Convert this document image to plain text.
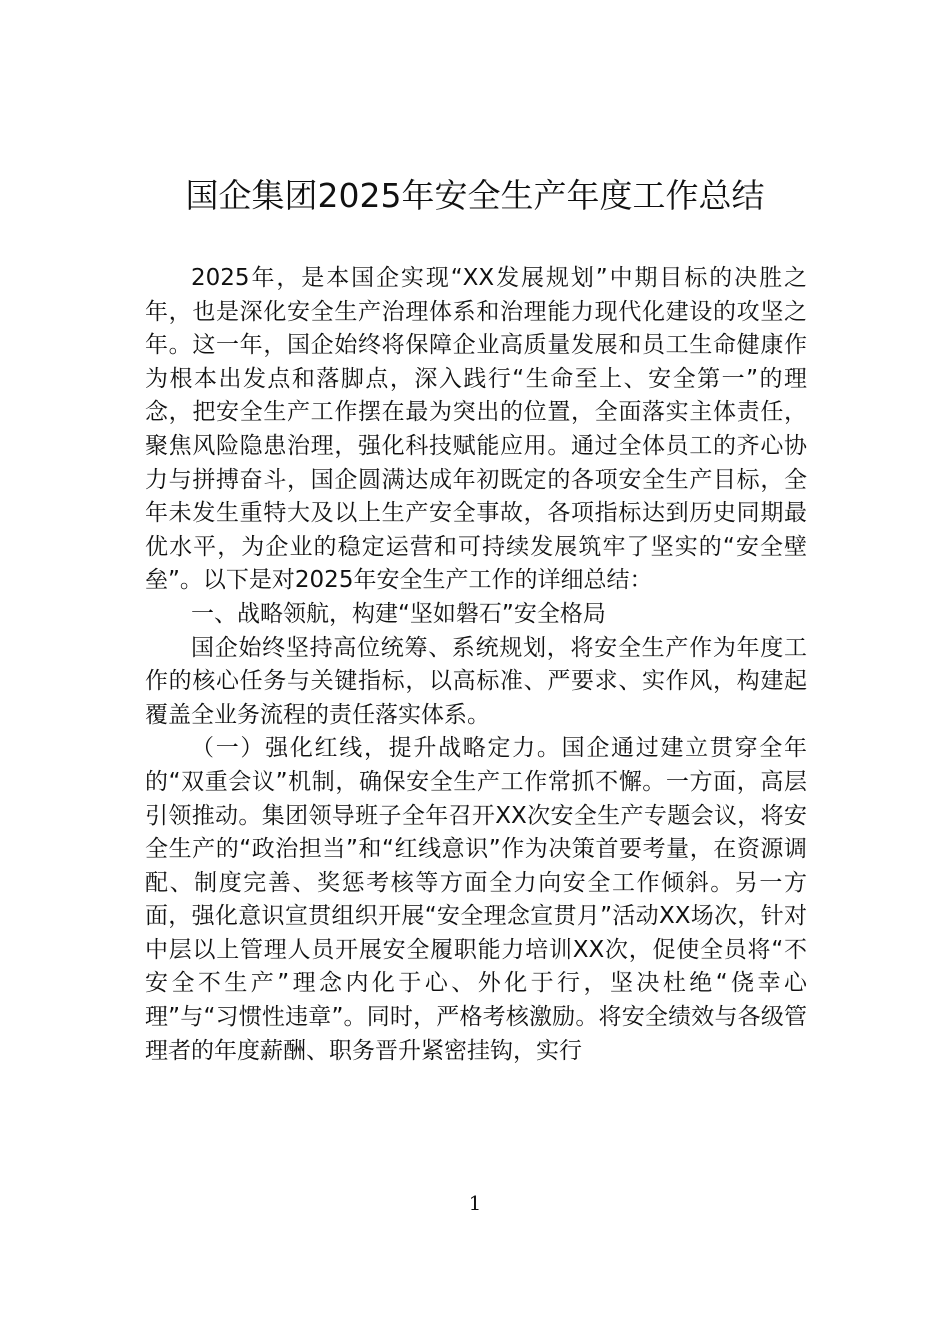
国企集团2025年安全生产年度工作总结

2025年，是本国企实现“XX发展规划”中期目标的决胜之年，也是深化安全生产治理体系和治理能力现代化建设的攻坚之年。这一年，国企始终将保障企业高质量发展和员工生命健康作为根本出发点和落脚点，深入践行“生命至上、安全第一”的理念，把安全生产工作摆在最为突出的位置，全面落实主体责任，聚焦风险隐患治理，强化科技赋能应用。通过全体员工的齐心协力与拼搏奋斗，国企圆满达成年初既定的各项安全生产目标，全年未发生重特大及以上生产安全事故，各项指标达到历史同期最优水平，为企业的稳定运营和可持续发展筑牢了坚实的“安全壁垒”。以下是对2025年安全生产工作的详细总结：

一、战略领航，构建“坚如磐石”安全格局

国企始终坚持高位统筹、系统规划，将安全生产作为年度工作的核心任务与关键指标，以高标准、严要求、实作风，构建起覆盖全业务流程的责任落实体系。

（一）强化红线，提升战略定力。国企通过建立贯穿全年的“双重会议”机制，确保安全生产工作常抓不懈。一方面，高层引领推动。集团领导班子全年召开XX次安全生产专题会议，将安全生产的“政治担当”和“红线意识”作为决策首要考量，在资源调配、制度完善、奖惩考核等方面全力向安全工作倾斜。另一方面，强化意识宣贯组织开展“安全理念宣贯月”活动XX场次，针对中层以上管理人员开展安全履职能力培训XX次，促使全员将“不安全不生产”理念内化于心、外化于行，坚决杜绝“侥幸心理”与“习惯性违章”。同时，严格考核激励。将安全绩效与各级管理者的年度薪酬、职务晋升紧密挂钩，实行

1
